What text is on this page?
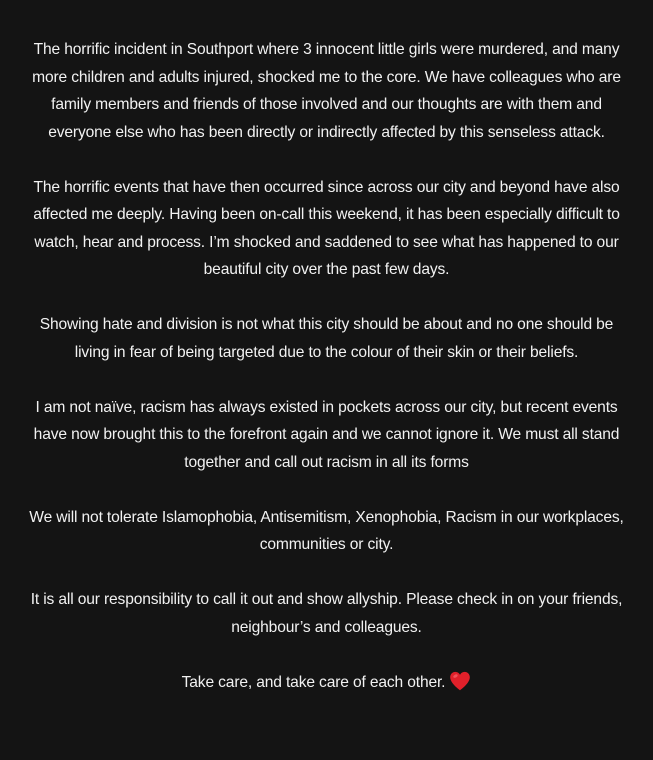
The horrific incident in Southport where 3 innocent little girls were murdered, and many more children and adults injured, shocked me to the core. We have colleagues who are family members and friends of those involved and our thoughts are with them and everyone else who has been directly or indirectly affected by this senseless attack.

The horrific events that have then occurred since across our city and beyond have also affected me deeply. Having been on-call this weekend, it has been especially difficult to watch, hear and process. I’m shocked and saddened to see what has happened to our beautiful city over the past few days.

Showing hate and division is not what this city should be about and no one should be living in fear of being targeted due to the colour of their skin or their beliefs.

I am not naïve, racism has always existed in pockets across our city, but recent events have now brought this to the forefront again and we cannot ignore it. We must all stand together and call out racism in all its forms

We will not tolerate Islamophobia, Antisemitism, Xenophobia, Racism in our workplaces, communities or city.

It is all our responsibility to call it out and show allyship. Please check in on your friends, neighbour’s and colleagues.

Take care, and take care of each other.
